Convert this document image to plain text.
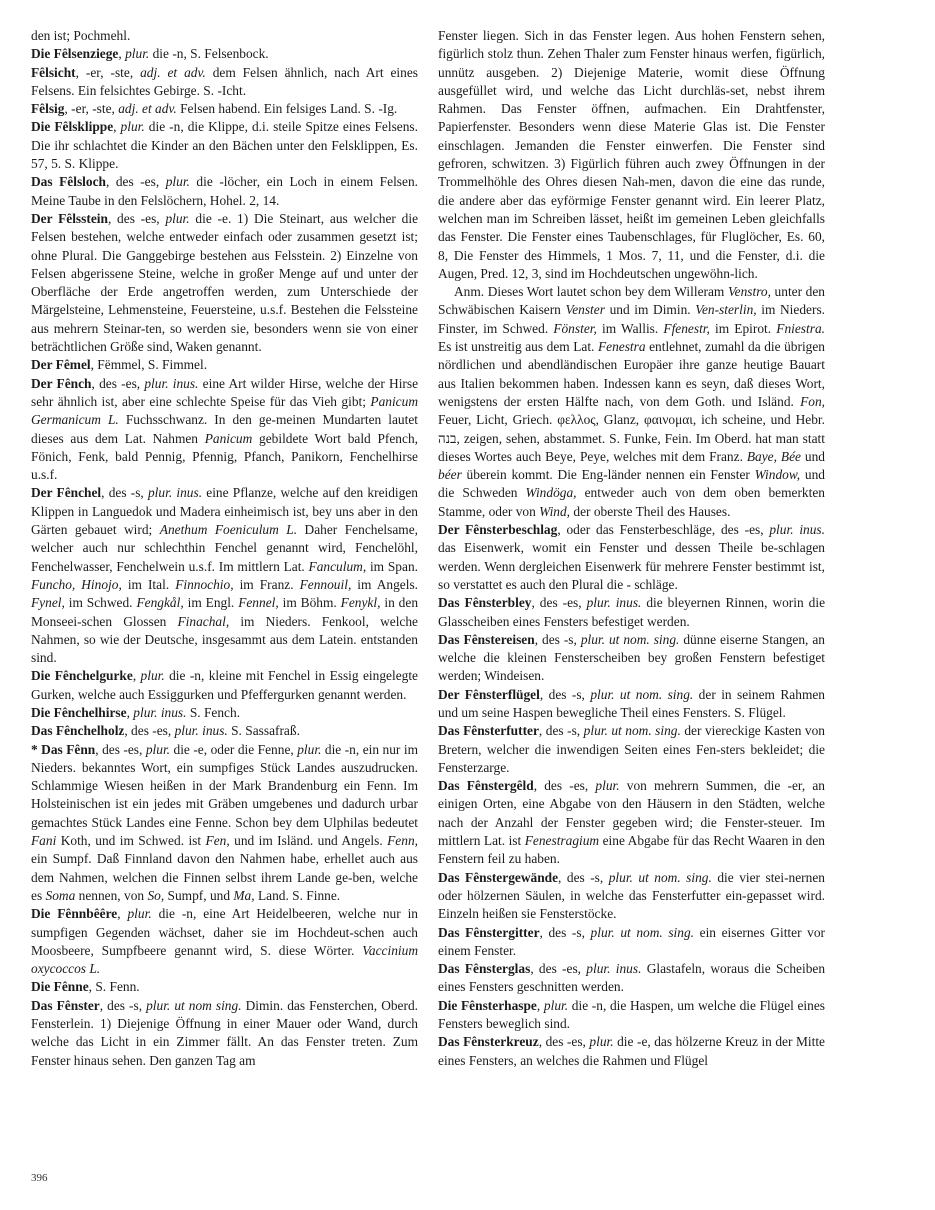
den ist; Pochmehl.

Die Fêlsenziege, plur. die -n, S. Felsenbock.

Fêlsicht, -er, -ste, adj. et adv. dem Felsen ähnlich, nach Art eines Felsens. Ein felsichtes Gebirge. S. -Icht.

Fêlsig, -er, -ste, adj. et adv. Felsen habend. Ein felsiges Land. S. -Ig.

Die Fêlsklippe, plur. die -n, die Klippe, d.i. steile Spitze eines Felsens. Die ihr schlachtet die Kinder an den Bächen unter den Felsklippen, Es. 57, 5. S. Klippe.

Das Fêlsloch, des -es, plur. die -löcher, ein Loch in einem Felsen. Meine Taube in den Felslöchern, Hohel. 2, 14.

Der Fêlsstein, des -es, plur. die -e. 1) Die Steinart, aus welcher die Felsen bestehen, welche entweder einfach oder zusammen gesetzt ist; ohne Plural. Die Ganggebirge bestehen aus Felsstein. 2) Einzelne von Felsen abgerissene Steine, welche in großer Menge auf und unter der Oberfläche der Erde angetroffen werden, zum Unterschiede der Märgelsteine, Lehmensteine, Feuersteine, u.s.f. Bestehen die Felssteine aus mehrern Steinar-ten, so werden sie, besonders wenn sie von einer beträchtlichen Größe sind, Waken genannt.

Der Fêmel, Fëmmel, S. Fimmel.

Der Fênch, des -es, plur. inus. eine Art wilder Hirse, welche der Hirse sehr ähnlich ist, aber eine schlechte Speise für das Vieh gibt; Panicum Germanicum L. Fuchsschwanz. In den ge-meinen Mundarten lautet dieses aus dem Lat. Nahmen Panicum gebildete Wort bald Pfench, Fönich, Fenk, bald Pennig, Pfennig, Pfanch, Panikorn, Fenchelhirse u.s.f.

Der Fênchel, des -s, plur. inus. eine Pflanze, welche auf den kreidigen Klippen in Languedok und Madera einheimisch ist, bey uns aber in den Gärten gebauet wird; Anethum Foeniculum L. Daher Fenchelsame, welcher auch nur schlechthin Fenchel genannt wird, Fenchelöhl, Fenchelwasser, Fenchelwein u.s.f. Im mittlern Lat. Fanculum, im Span. Funcho, Hinojo, im Ital. Finnochio, im Franz. Fennouil, im Angels. Fynel, im Schwed. Fengkål, im Engl. Fennel, im Böhm. Fenykl, in den Monseei-schen Glossen Finachal, im Nieders. Fenkool, welche Nahmen, so wie der Deutsche, insgesammt aus dem Latein. entstanden sind.

Die Fênchelgurke, plur. die -n, kleine mit Fenchel in Essig eingelegte Gurken, welche auch Essiggurken und Pfeffergurken genannt werden.

Die Fênchelhirse, plur. inus. S. Fench.

Das Fênchelholz, des -es, plur. inus. S. Sassafraß.

* Das Fênn, des -es, plur. die -e, oder die Fenne, plur. die -n, ein nur im Nieders. bekanntes Wort, ein sumpfiges Stück Landes auszudrucken. Schlammige Wiesen heißen in der Mark Brandenburg ein Fenn. Im Holsteinischen ist ein jedes mit Gräben umgebenes und dadurch urbar gemachtes Stück Landes eine Fenne. Schon bey dem Ulphilas bedeutet Fani Koth, und im Schwed. ist Fen, und im Isländ. und Angels. Fenn, ein Sumpf. Daß Finnland davon den Nahmen habe, erhellet auch aus dem Nahmen, welchen die Finnen selbst ihrem Lande ge-ben, welche es Soma nennen, von So, Sumpf, und Ma, Land. S. Finne.

Die Fênnbêêre, plur. die -n, eine Art Heidelbeeren, welche nur in sumpfigen Gegenden wächset, daher sie im Hochdeut-schen auch Moosbeere, Sumpfbeere genannt wird, S. diese Wörter. Vaccinium oxycoccos L.

Die Fênne, S. Fenn.

Das Fênster, des -s, plur. ut nom sing. Dimin. das Fensterchen, Oberd. Fensterlein. 1) Diejenige Öffnung in einer Mauer oder Wand, durch welche das Licht in ein Zimmer fällt. An das Fenster treten. Zum Fenster hinaus sehen. Den ganzen Tag am

Fenster liegen. Sich in das Fenster legen. Aus hohen Fenstern sehen, figürlich stolz thun. Zehen Thaler zum Fenster hinaus werfen, figürlich, unnütz ausgeben. 2) Diejenige Materie, womit diese Öffnung ausgefüllet wird, und welche das Licht durchläs-set, nebst ihrem Rahmen. Das Fenster öffnen, aufmachen. Ein Drahtfenster, Papierfenster. Besonders wenn diese Materie Glas ist. Die Fenster einschlagen. Jemanden die Fenster einwerfen. Die Fenster sind gefroren, schwitzen. 3) Figürlich führen auch zwey Öffnungen in der Trommelhöhle des Ohres diesen Nah-men, davon die eine das runde, die andere aber das eyförmige Fenster genannt wird. Ein leerer Platz, welchen man im Schreiben lässet, heißt im gemeinen Leben gleichfalls das Fenster. Die Fenster eines Taubenschlages, für Fluglöcher, Es. 60, 8, Die Fenster des Himmels, 1 Mos. 7, 11, und die Fenster, d.i. die Augen, Pred. 12, 3, sind im Hochdeutschen ungewöhn-lich.

Anm. Dieses Wort lautet schon bey dem Willeram Venstro, unter den Schwäbischen Kaisern Venster und im Dimin. Ven-sterlin, im Nieders. Finster, im Schwed. Fönster, im Wallis. Ffenestr, im Epirot. Fniestra. Es ist unstreitig aus dem Lat. Fenestra entlehnet, zumahl da die übrigen nördlichen und abendländischen Europäer ihre ganze heutige Bauart aus Italien bekommen haben. Indessen kann es seyn, daß dieses Wort, wenigstens der ersten Hälfte nach, von dem Goth. und Isländ. Fon, Feuer, Licht, Griech. φελλος, Glanz, φαινομαι, ich scheine, und Hebr. בנה, zeigen, sehen, abstammet. S. Funke, Fein. Im Oberd. hat man statt dieses Wortes auch Beye, Peye, welches mit dem Franz. Baye, Bée und béer überein kommt. Die Eng-länder nennen ein Fenster Window, und die Schweden Windöga, entweder auch von dem oben bemerkten Stamme, oder von Wind, der oberste Theil des Hauses.

Der Fênsterbeschlag, oder das Fensterbeschläge, des -es, plur. inus. das Eisenwerk, womit ein Fenster und dessen Theile be-schlagen werden. Wenn dergleichen Eisenwerk für mehrere Fenster bestimmt ist, so verstattet es auch den Plural die - schläge.

Das Fênsterbley, des -es, plur. inus. die bleyernen Rinnen, worin die Glasscheiben eines Fensters befestiget werden.

Das Fênstereisen, des -s, plur. ut nom. sing. dünne eiserne Stangen, an welche die kleinen Fensterscheiben bey großen Fenstern befestiget werden; Windeisen.

Der Fênsterflügel, des -s, plur. ut nom. sing. der in seinem Rahmen und um seine Haspen bewegliche Theil eines Fensters. S. Flügel.

Das Fênsterfutter, des -s, plur. ut nom. sing. der viereckige Kasten von Bretern, welcher die inwendigen Seiten eines Fen-sters bekleidet; die Fensterzarge.

Das Fênstergêld, des -es, plur. von mehrern Summen, die -er, an einigen Orten, eine Abgabe von den Häusern in den Städten, welche nach der Anzahl der Fenster gegeben wird; die Fenster-steuer. Im mittlern Lat. ist Fenestragium eine Abgabe für das Recht Waaren in den Fenstern feil zu haben.

Das Fênstergewände, des -s, plur. ut nom. sing. die vier stei-nernen oder hölzernen Säulen, in welche das Fensterfutter ein-gepasset wird. Einzeln heißen sie Fensterstöcke.

Das Fênstergitter, des -s, plur. ut nom. sing. ein eisernes Gitter vor einem Fenster.

Das Fênsterglas, des -es, plur. inus. Glastafeln, woraus die Scheiben eines Fensters geschnitten werden.

Die Fênsterhaspe, plur. die -n, die Haspen, um welche die Flügel eines Fensters beweglich sind.

Das Fênsterkreuz, des -es, plur. die -e, das hölzerne Kreuz in der Mitte eines Fensters, an welches die Rahmen und Flügel

396
